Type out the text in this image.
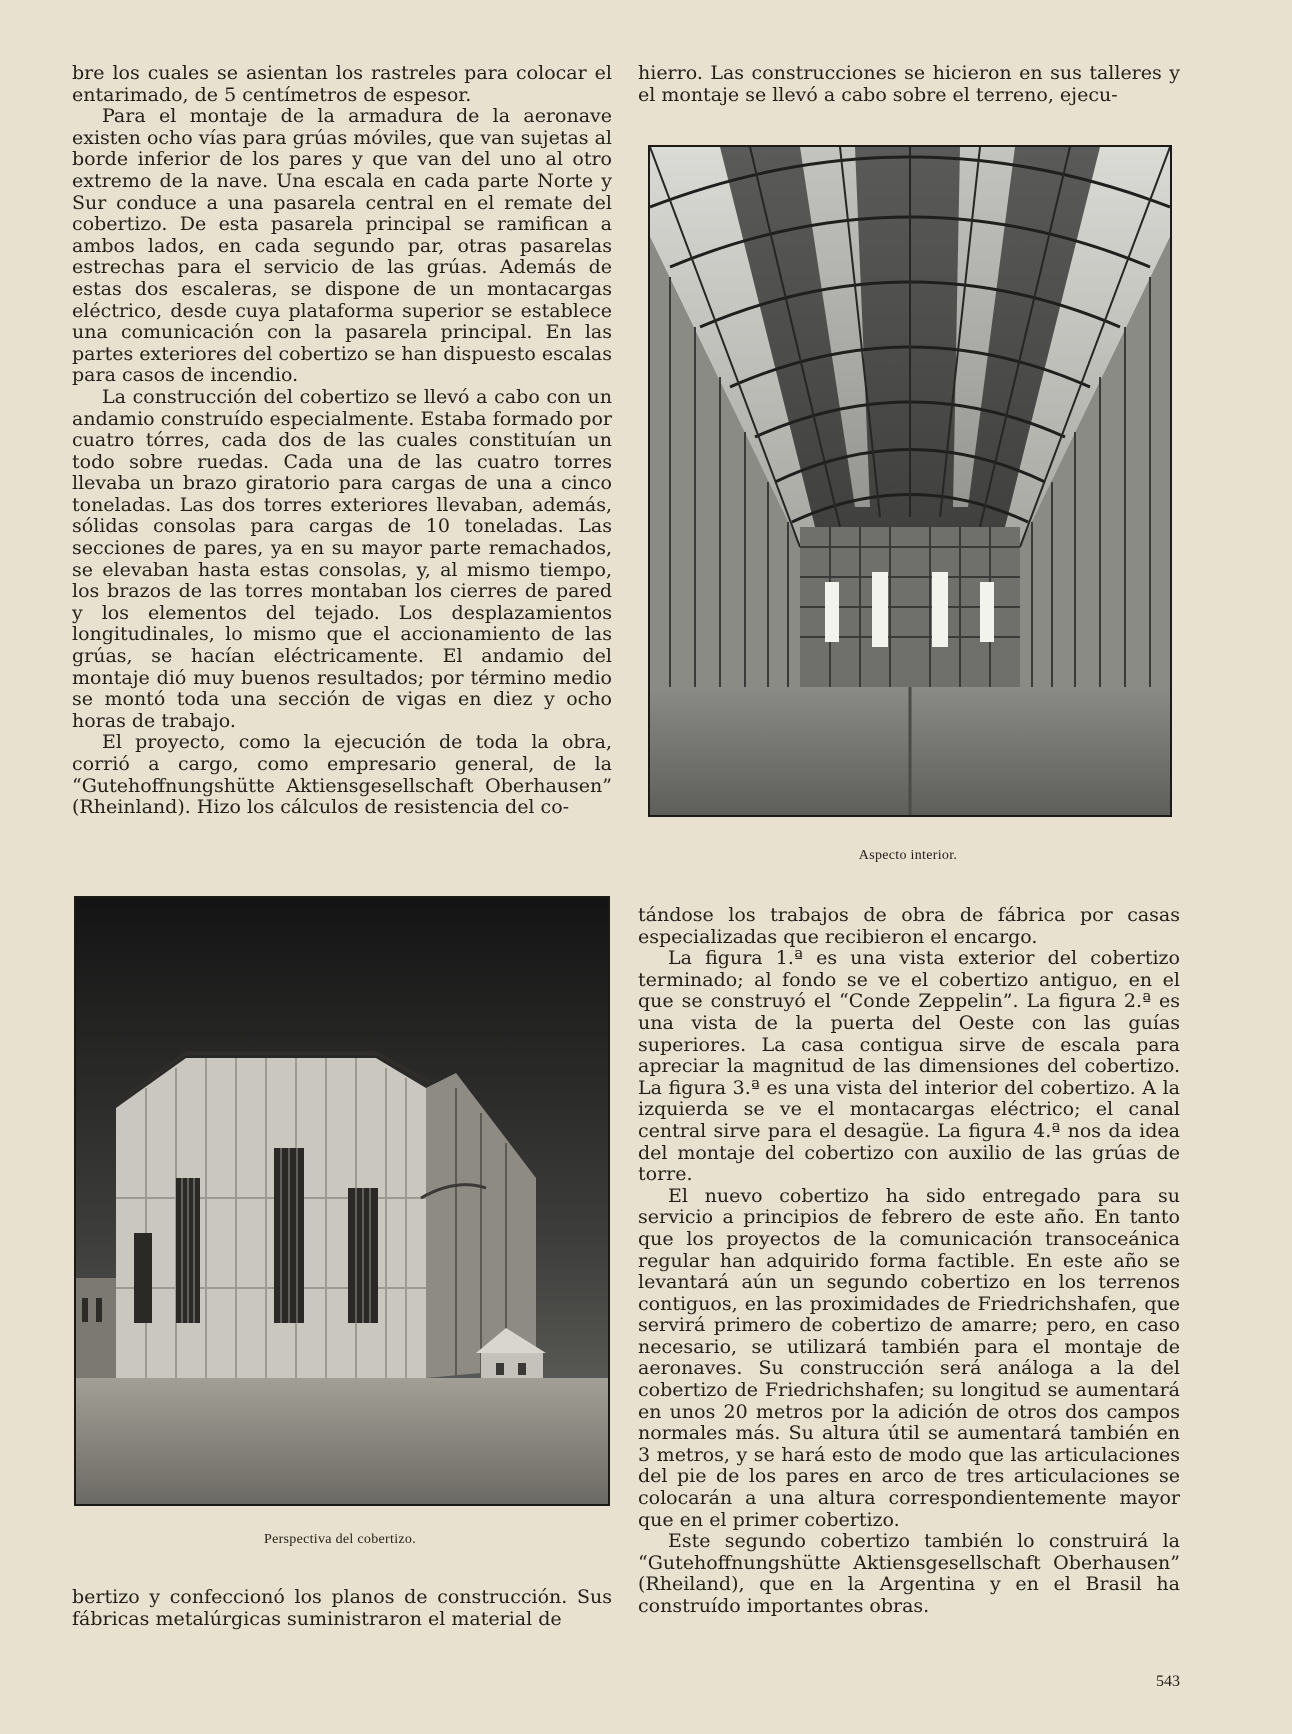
bre los cuales se asientan los rastreles para colocar el entarimado, de 5 centímetros de espesor.

Para el montaje de la armadura de la aeronave existen ocho vías para grúas móviles, que van sujetas al borde inferior de los pares y que van del uno al otro extremo de la nave. Una escala en cada parte Norte y Sur conduce a una pasarela central en el remate del cobertizo. De esta pasarela principal se ramifican a ambos lados, en cada segundo par, otras pasarelas estrechas para el servicio de las grúas. Además de estas dos escaleras, se dispone de un montacargas eléctrico, desde cuya plataforma superior se establece una comunicación con la pasarela principal. En las partes exteriores del cobertizo se han dispuesto escalas para casos de incendio.

La construcción del cobertizo se llevó a cabo con un andamio construído especialmente. Estaba formado por cuatro tórres, cada dos de las cuales constituían un todo sobre ruedas. Cada una de las cuatro torres llevaba un brazo giratorio para cargas de una a cinco toneladas. Las dos torres exteriores llevaban, además, sólidas consolas para cargas de 10 toneladas. Las secciones de pares, ya en su mayor parte remachados, se elevaban hasta estas consolas, y, al mismo tiempo, los brazos de las torres montaban los cierres de pared y los elementos del tejado. Los desplazamientos longitudinales, lo mismo que el accionamiento de las grúas, se hacían eléctricamente. El andamio del montaje dió muy buenos resultados; por término medio se montó toda una sección de vigas en diez y ocho horas de trabajo.

El proyecto, como la ejecución de toda la obra, corrió a cargo, como empresario general, de la “Gutehoffnungshütte Aktiensgesellschaft Oberhausen” (Rheinland). Hizo los cálculos de resistencia del co-

hierro. Las construcciones se hicieron en sus talleres y el montaje se llevó a cabo sobre el terreno, ejecu-

Aspecto interior.

tándose los trabajos de obra de fábrica por casas especializadas que recibieron el encargo.

La figura 1.ª es una vista exterior del cobertizo terminado; al fondo se ve el cobertizo antiguo, en el que se construyó el “Conde Zeppelin”. La figura 2.ª es una vista de la puerta del Oeste con las guías superiores. La casa contigua sirve de escala para apreciar la magnitud de las dimensiones del cobertizo. La figura 3.ª es una vista del interior del cobertizo. A la izquierda se ve el montacargas eléctrico; el canal central sirve para el desagüe. La figura 4.ª nos da idea del montaje del cobertizo con auxilio de las grúas de torre.

El nuevo cobertizo ha sido entregado para su servicio a principios de febrero de este año. En tanto que los proyectos de la comunicación transoceánica regular han adquirido forma factible. En este año se levantará aún un segundo cobertizo en los terrenos contiguos, en las proximidades de Friedrichshafen, que servirá primero de cobertizo de amarre; pero, en caso necesario, se utilizará también para el montaje de aeronaves. Su construcción será análoga a la del cobertizo de Friedrichshafen; su longitud se aumentará en unos 20 metros por la adición de otros dos campos normales más. Su altura útil se aumentará también en 3 metros, y se hará esto de modo que las articulaciones del pie de los pares en arco de tres articulaciones se colocarán a una altura correspondientemente mayor que en el primer cobertizo.

Este segundo cobertizo también lo construirá la “Gutehoffnungshütte Aktiensgesellschaft Oberhausen” (Rheiland), que en la Argentina y en el Brasil ha construído importantes obras.

Perspectiva del cobertizo.

bertizo y confeccionó los planos de construcción. Sus fábricas metalúrgicas suministraron el material de

543
